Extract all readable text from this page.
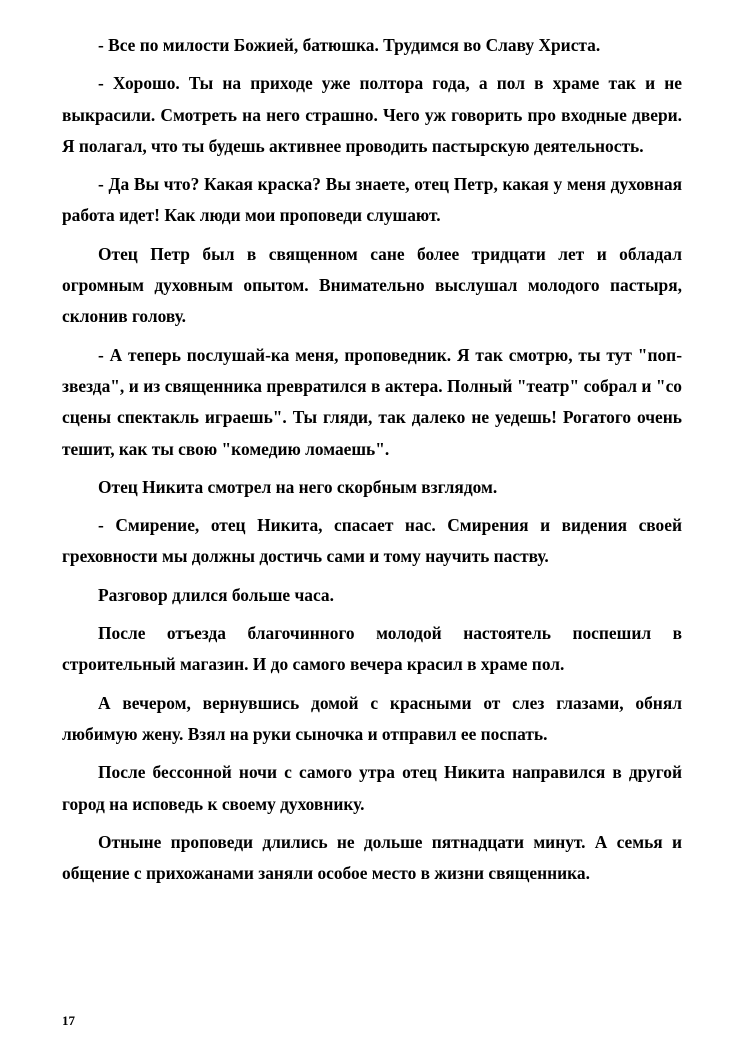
- Все по милости Божией, батюшка. Трудимся во Славу Христа.

- Хорошо. Ты на приходе уже полтора года, а пол в храме так и не выкрасили. Смотреть на него страшно. Чего уж говорить про входные двери. Я полагал, что ты будешь активнее проводить пастырскую деятельность.

- Да Вы что? Какая краска? Вы знаете, отец Петр, какая у меня духовная работа идет! Как люди мои проповеди слушают.

Отец Петр был в священном сане более тридцати лет и обладал огромным духовным опытом. Внимательно выслушал молодого пастыря, склонив голову.

- А теперь послушай-ка меня, проповедник. Я так смотрю, ты тут "поп-звезда", и из священника превратился в актера. Полный "театр" собрал и "со сцены спектакль играешь". Ты гляди, так далеко не уедешь! Рогатого очень тешит, как ты свою "комедию ломаешь".

Отец Никита смотрел на него скорбным взглядом.

- Смирение, отец Никита, спасает нас. Смирения и видения своей греховности мы должны достичь сами и тому научить паству.

Разговор длился больше часа.

После отъезда благочинного молодой настоятель поспешил в строительный магазин. И до самого вечера красил в храме пол.

А вечером, вернувшись домой с красными от слез глазами, обнял любимую жену. Взял на руки сыночка и отправил ее поспать.

После бессонной ночи с самого утра отец Никита направился в другой город на исповедь к своему духовнику.

Отныне проповеди длились не дольше пятнадцати минут. А семья и общение с прихожанами заняли особое место в жизни священника.

17
